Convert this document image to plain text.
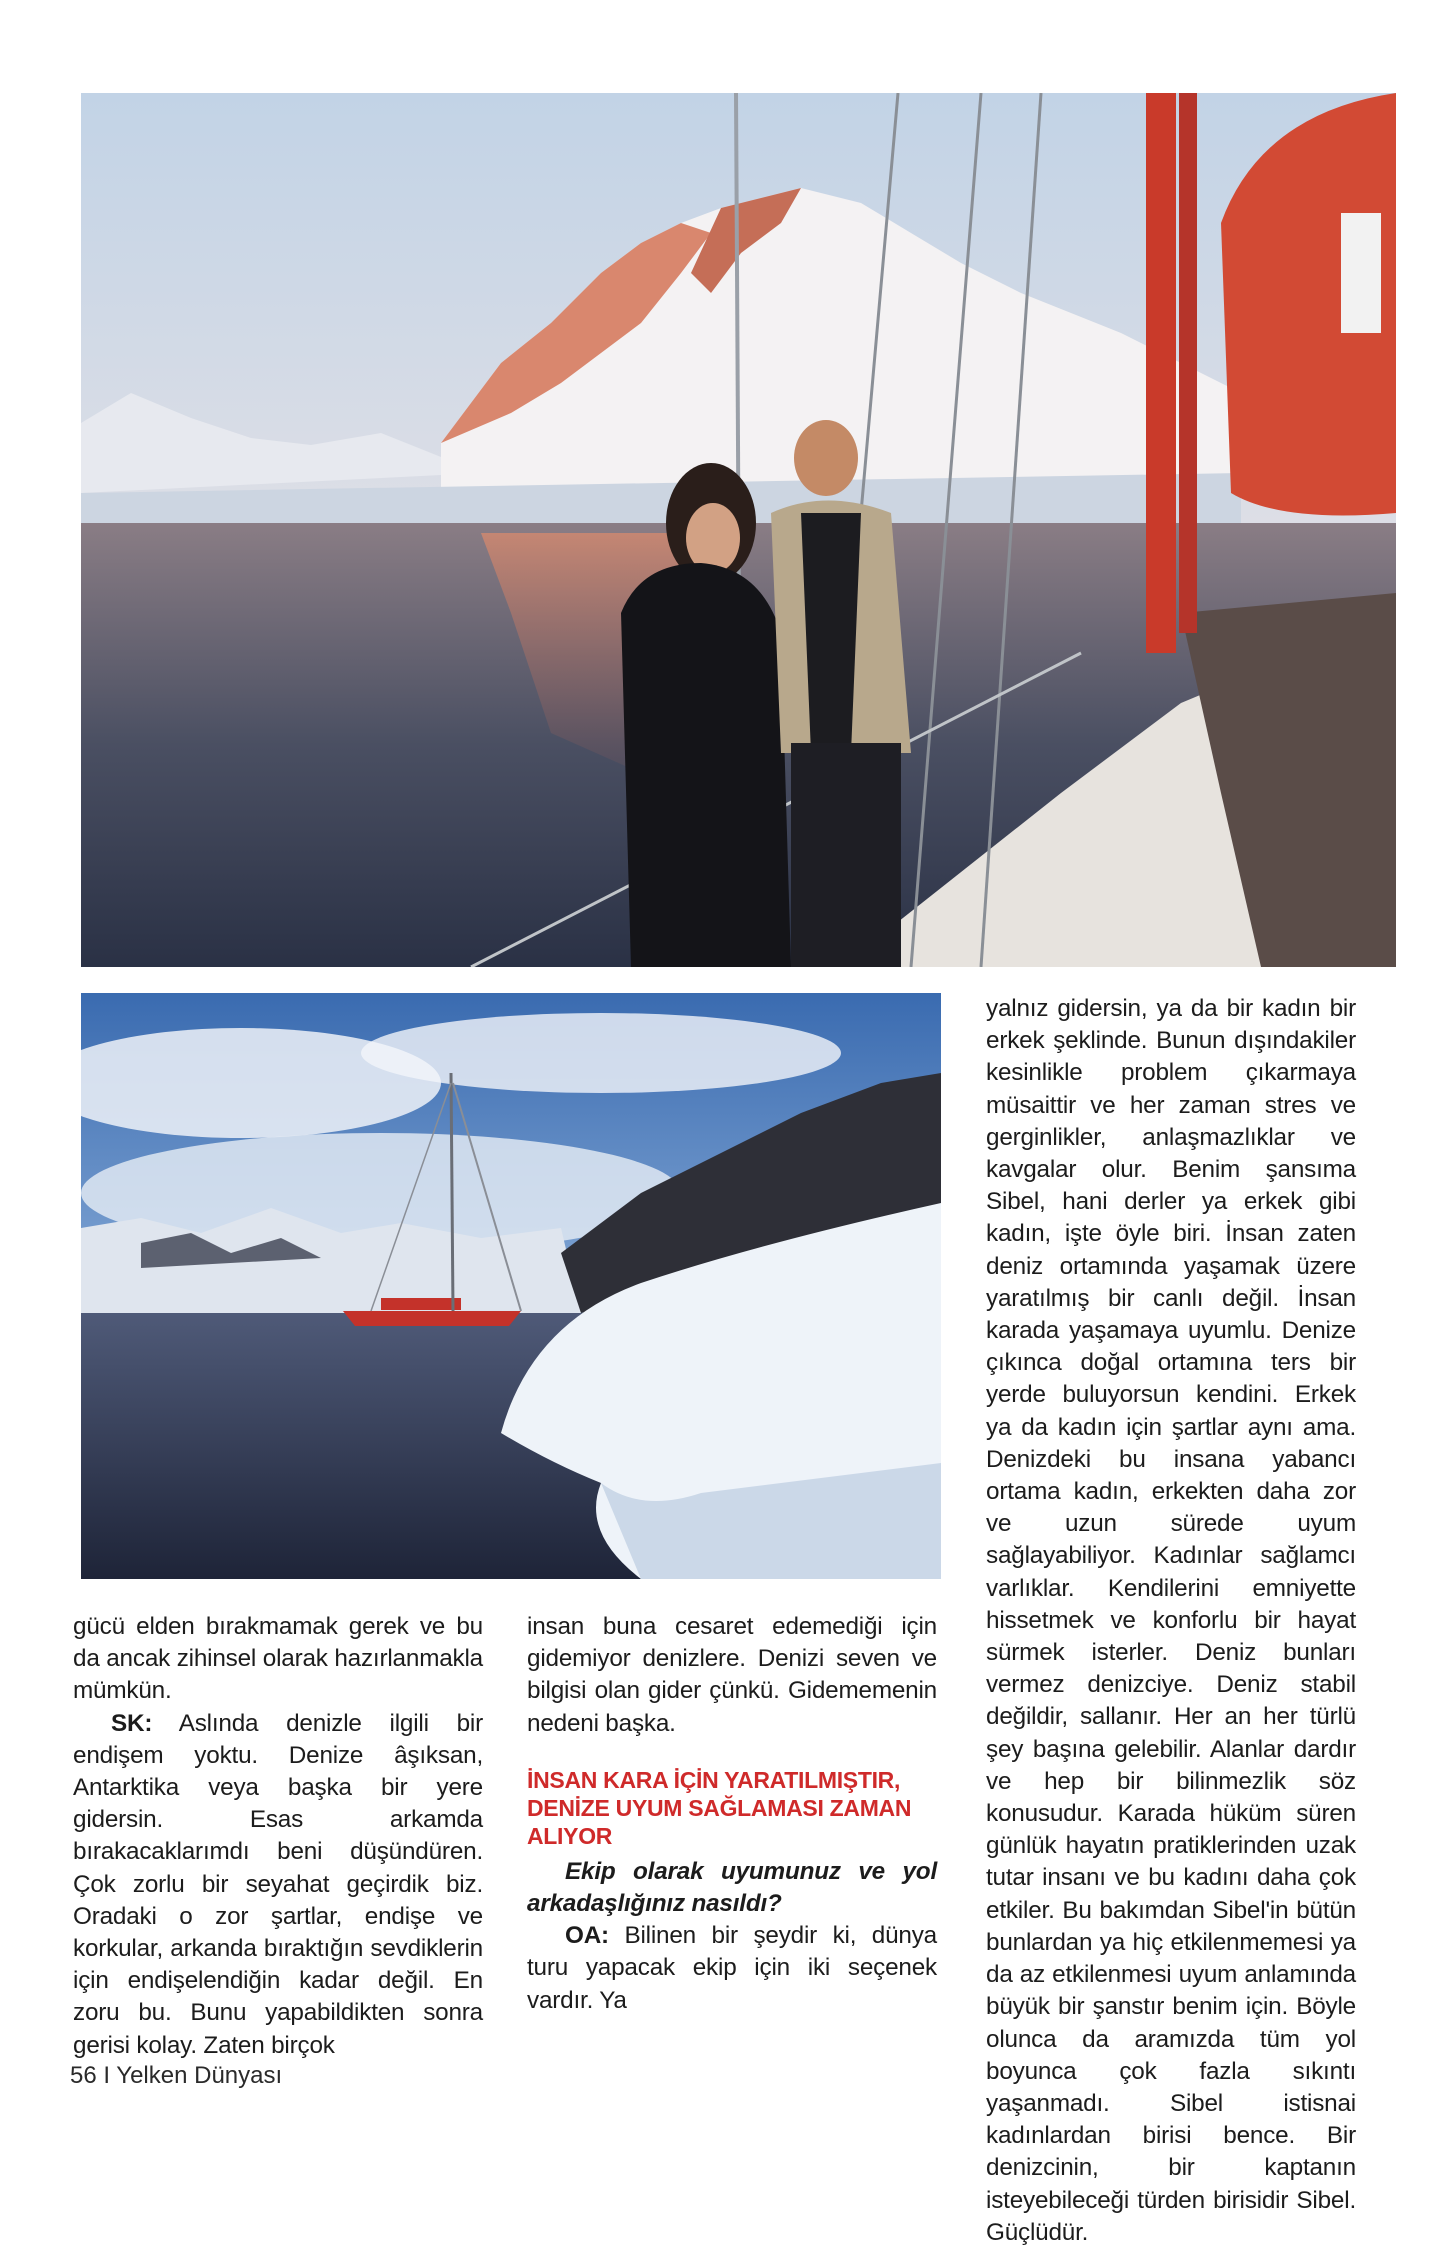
yalnız gidersin, ya da bir kadın bir erkek şeklinde. Bunun dışındakiler kesinlikle problem çıkarmaya müsaittir ve her zaman stres ve gerginlikler, anlaşmazlıklar ve kavgalar olur. Benim şansıma Sibel, hani derler ya erkek gibi kadın, işte öyle biri. İnsan zaten deniz ortamında yaşamak üzere yaratılmış bir canlı değil. İnsan karada yaşamaya uyumlu. Denize çıkınca doğal ortamına ters bir yerde buluyorsun kendini. Erkek ya da kadın için şartlar aynı ama. Denizdeki bu insana yabancı ortama kadın, erkekten daha zor ve uzun sürede uyum sağlayabiliyor. Kadınlar sağlamcı varlıklar. Kendilerini emniyette hissetmek ve konforlu bir hayat sürmek isterler. Deniz bunları vermez denizciye. Deniz stabil değildir, sallanır. Her an her türlü şey başına gelebilir. Alanlar dardır ve hep bir bilinmezlik söz konusudur. Karada hüküm süren günlük hayatın pratiklerinden uzak tutar insanı ve bu kadını daha çok etkiler. Bu bakımdan Sibel'in bütün bunlardan ya hiç etkilenmemesi ya da az etkilenmesi uyum anlamında büyük bir şanstır benim için. Böyle olunca da aramızda tüm yol boyunca çok fazla sıkıntı yaşanmadı. Sibel istisnai kadınlardan birisi bence. Bir denizcinin, bir kaptanın isteyebileceği türden birisidir Sibel. Güçlüdür.

gücü elden bırakmamak gerek ve bu da ancak zihinsel olarak hazırlanmakla mümkün.

SK: Aslında denizle ilgili bir endişem yoktu. Denize âşıksan, Antarktika veya başka bir yere gidersin. Esas arkamda bırakacaklarımdı beni düşündüren. Çok zorlu bir seyahat geçirdik biz. Oradaki o zor şartlar, endişe ve korkular, arkanda bıraktığın sevdiklerin için endişelendiğin kadar değil. En zoru bu. Bunu yapabildikten sonra gerisi kolay. Zaten birçok

insan buna cesaret edemediği için gidemiyor denizlere. Denizi seven ve bilgisi olan gider çünkü. Gidememenin nedeni başka.

İNSAN KARA İÇİN YARATILMIŞTIR, DENİZE UYUM SAĞLAMASI ZAMAN ALIYOR

Ekip olarak uyumunuz ve yol arkadaşlığınız nasıldı?

OA: Bilinen bir şeydir ki, dünya turu yapacak ekip için iki seçenek vardır. Ya

56 I Yelken Dünyası
